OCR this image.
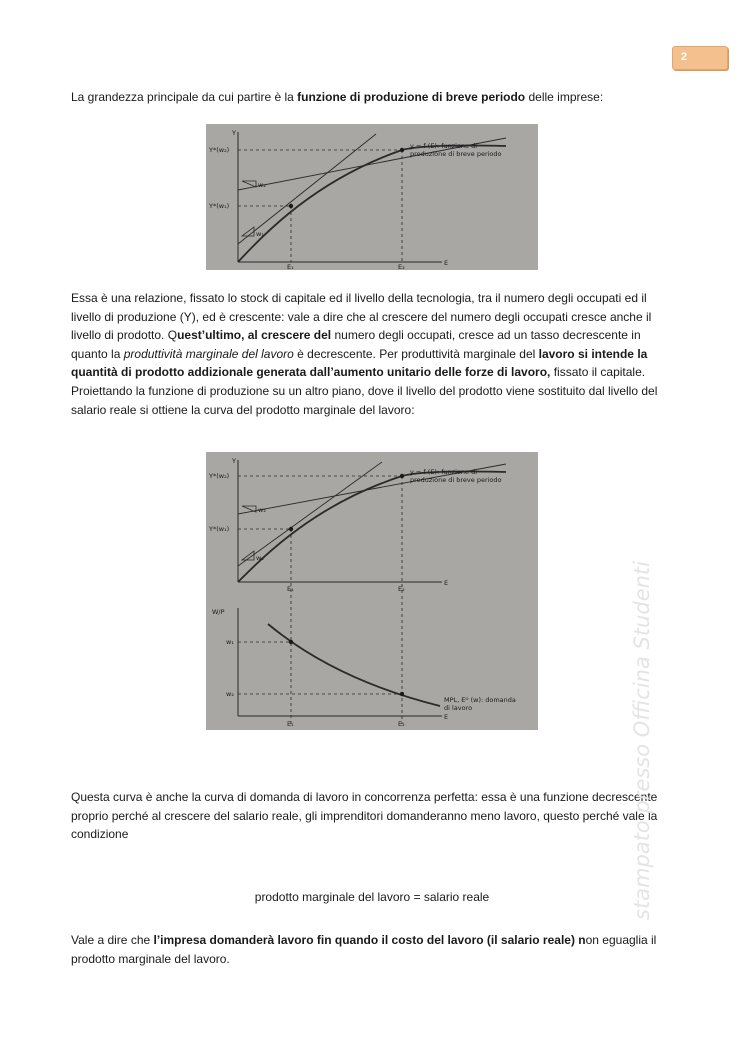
2

La grandezza principale da cui partire è la funzione di produzione di breve periodo delle imprese:

Y
E
Y*(w₂)
Y*(w₁)
E₁	E₂
w₂
w₁
y = f (E): funzione di
produzione di breve periodo

Essa è una relazione, fissato lo stock di capitale ed il livello della tecnologia, tra il numero degli occupati ed il livello di produzione (Y), ed è crescente: vale a dire che al crescere del numero degli occupati cresce anche il livello di prodotto. Quest’ultimo, al crescere del numero degli occupati, cresce ad un tasso decrescente in quanto la produttività marginale del lavoro è decrescente. Per produttività marginale del lavoro si intende la quantità di prodotto addizionale generata dall’aumento unitario delle forze di lavoro, fissato il capitale.
Proiettando la funzione di produzione su un altro piano, dove il livello del prodotto viene sostituito dal livello del salario reale si ottiene la curva del prodotto marginale del lavoro:

Y
E
Y*(w₂)
Y*(w₁)
E₁	E₂
w₂
w₁
y = f (E): funzione di
produzione di breve periodo
W/P
E
w₁
w₂
E₁	E₂
MPL, Eᴰ (w): domanda
di lavoro

Questa curva è anche la curva di domanda di lavoro in concorrenza perfetta: essa è una funzione decrescente proprio perché al crescere del salario reale, gli imprenditori domanderanno meno lavoro, questo perché vale la condizione

prodotto marginale del lavoro = salario reale

Vale a dire che l’impresa domanderà lavoro fin quando il costo del lavoro (il salario reale) non eguaglia il prodotto marginale del lavoro.

stampato presso Officina Studenti
